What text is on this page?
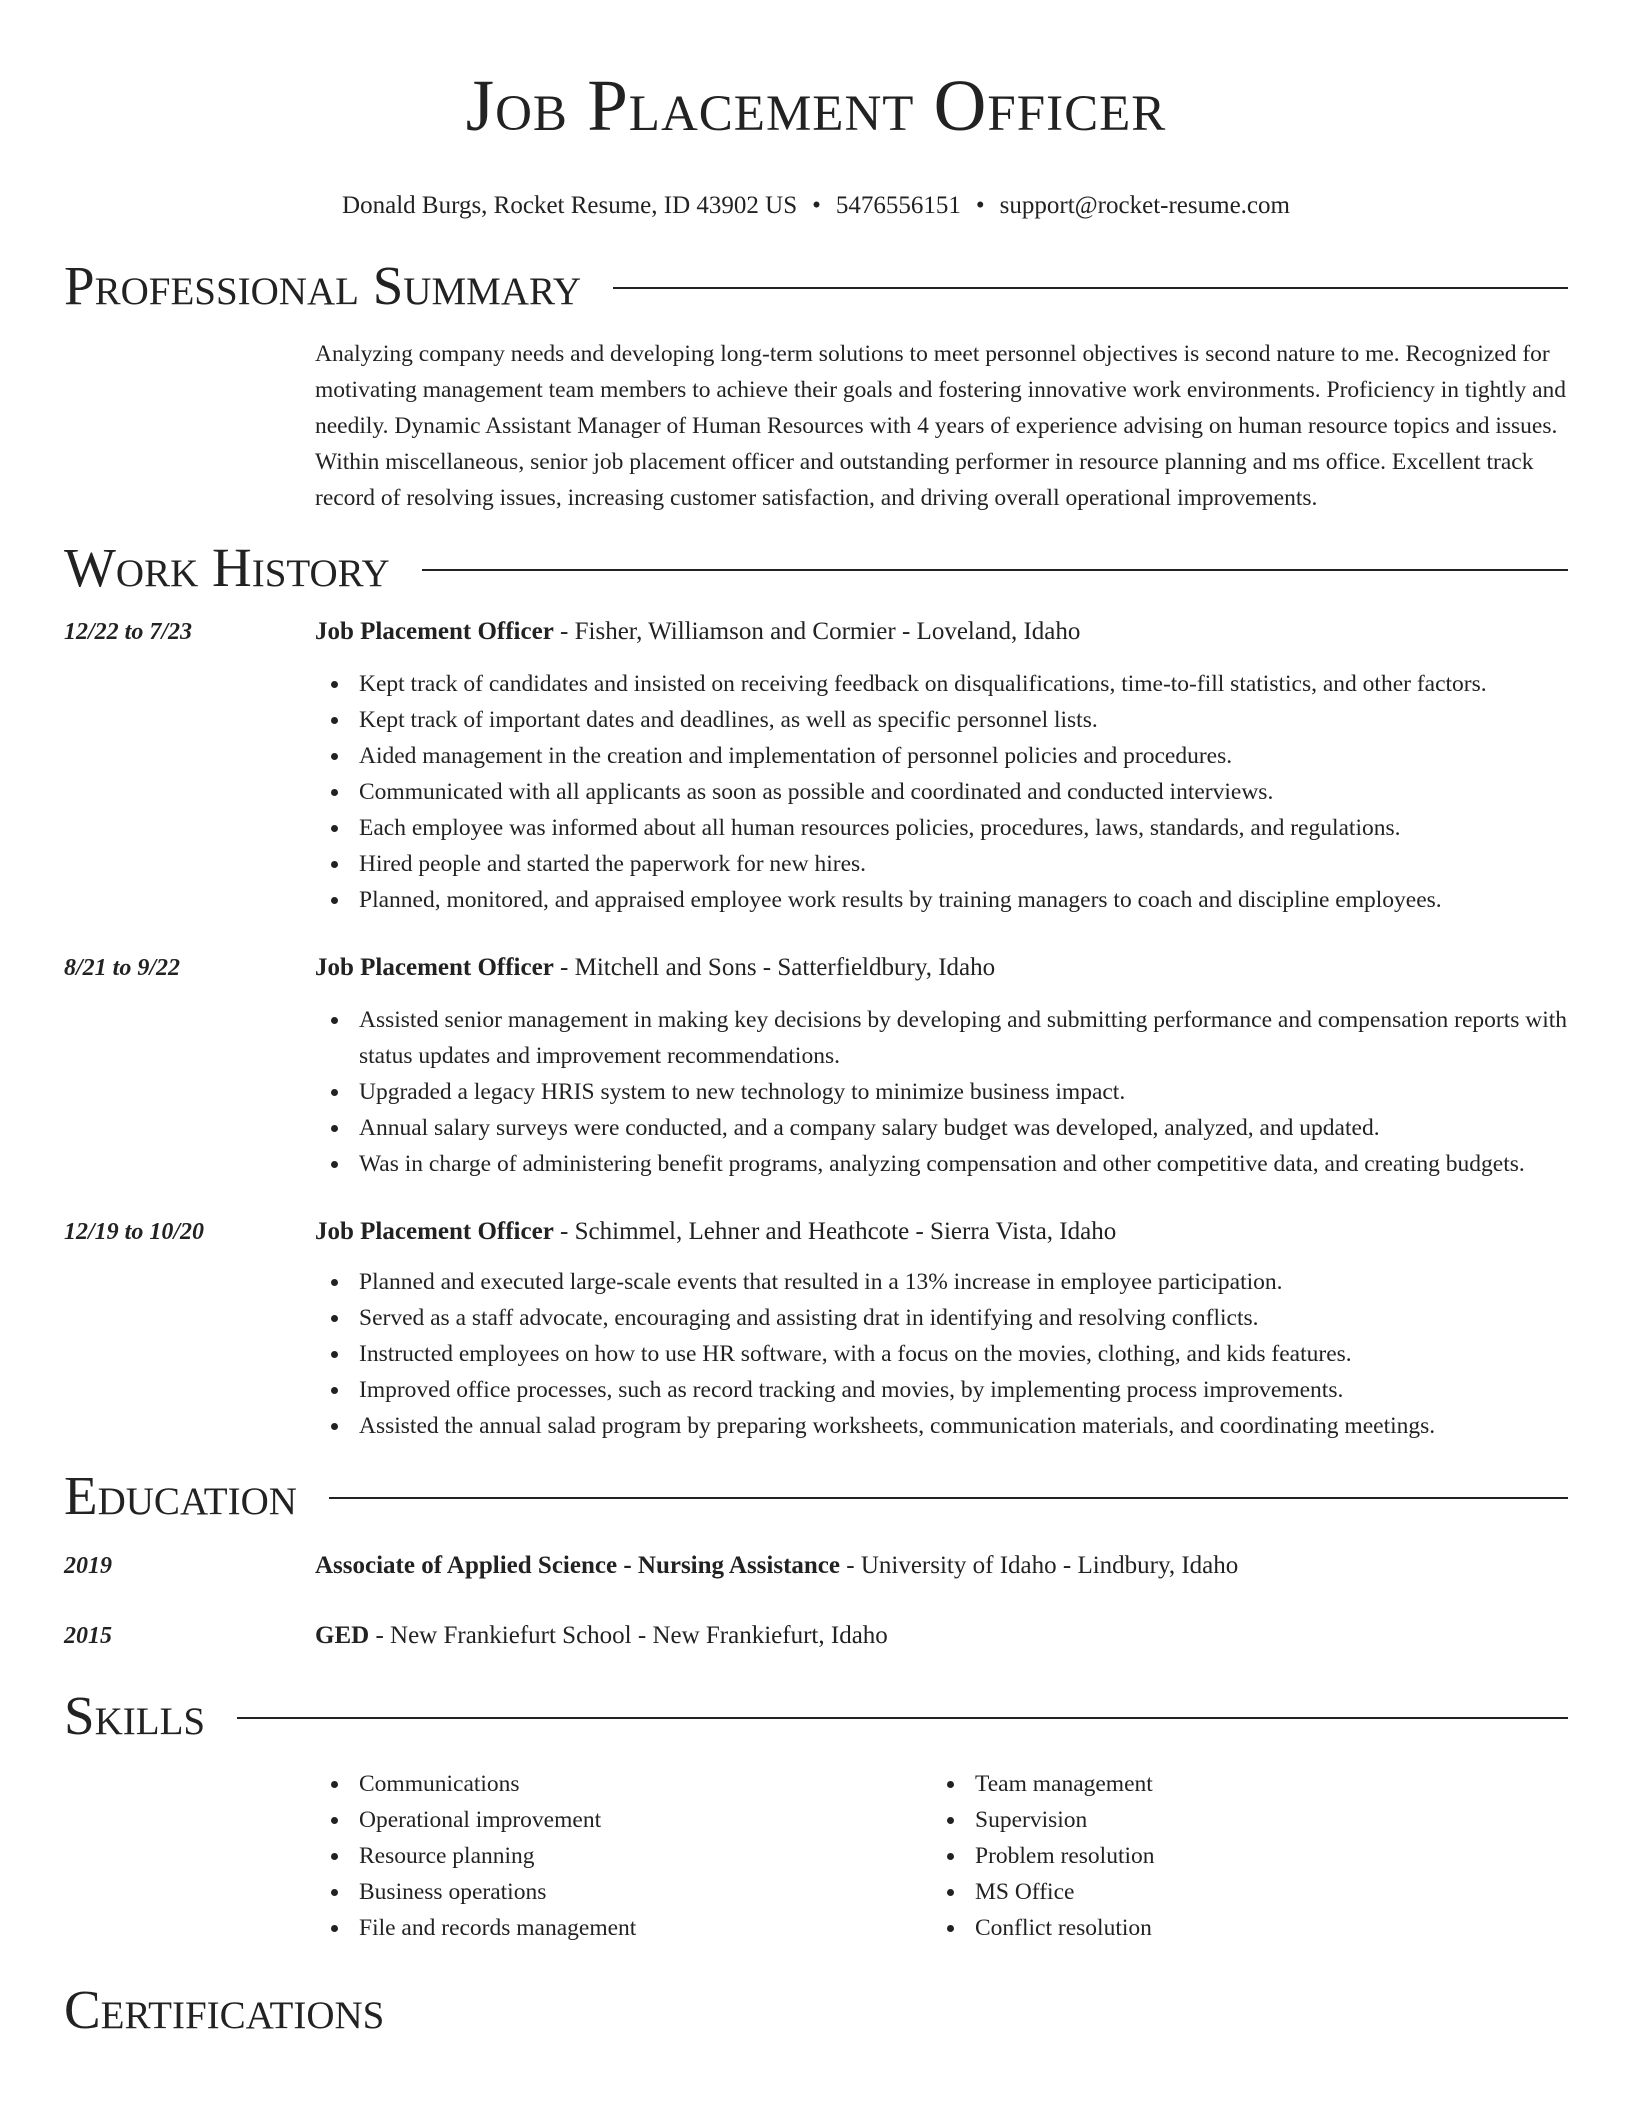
Job Placement Officer
Donald Burgs, Rocket Resume, ID 43902 US • 5476556151 • support@rocket-resume.com
Professional Summary

Analyzing company needs and developing long-term solutions to meet personnel objectives is second nature to me. Recognized for motivating management team members to achieve their goals and fostering innovative work environments. Proficiency in tightly and needily. Dynamic Assistant Manager of Human Resources with 4 years of experience advising on human resource topics and issues. Within miscellaneous, senior job placement officer and outstanding performer in resource planning and ms office. Excellent track record of resolving issues, increasing customer satisfaction, and driving overall operational improvements.

Work History
12/22 to 7/23	Job Placement Officer - Fisher, Williamson and Cormier - Loveland, Idaho
Kept track of candidates and insisted on receiving feedback on disqualifications, time-to-fill statistics, and other factors.
Kept track of important dates and deadlines, as well as specific personnel lists.
Aided management in the creation and implementation of personnel policies and procedures.
Communicated with all applicants as soon as possible and coordinated and conducted interviews.
Each employee was informed about all human resources policies, procedures, laws, standards, and regulations.
Hired people and started the paperwork for new hires.
Planned, monitored, and appraised employee work results by training managers to coach and discipline employees.
8/21 to 9/22	Job Placement Officer - Mitchell and Sons - Satterfieldbury, Idaho
Assisted senior management in making key decisions by developing and submitting performance and compensation reports with status updates and improvement recommendations.
Upgraded a legacy HRIS system to new technology to minimize business impact.
Annual salary surveys were conducted, and a company salary budget was developed, analyzed, and updated.
Was in charge of administering benefit programs, analyzing compensation and other competitive data, and creating budgets.
12/19 to 10/20	Job Placement Officer - Schimmel, Lehner and Heathcote - Sierra Vista, Idaho
Planned and executed large-scale events that resulted in a 13% increase in employee participation.
Served as a staff advocate, encouraging and assisting drat in identifying and resolving conflicts.
Instructed employees on how to use HR software, with a focus on the movies, clothing, and kids features.
Improved office processes, such as record tracking and movies, by implementing process improvements.
Assisted the annual salad program by preparing worksheets, communication materials, and coordinating meetings.
Education
2019	Associate of Applied Science - Nursing Assistance - University of Idaho - Lindbury, Idaho
2015	GED - New Frankiefurt School - New Frankiefurt, Idaho
Skills
Communications
Operational improvement
Resource planning
Business operations
File and records management
Team management
Supervision
Problem resolution
MS Office
Conflict resolution
Certifications
